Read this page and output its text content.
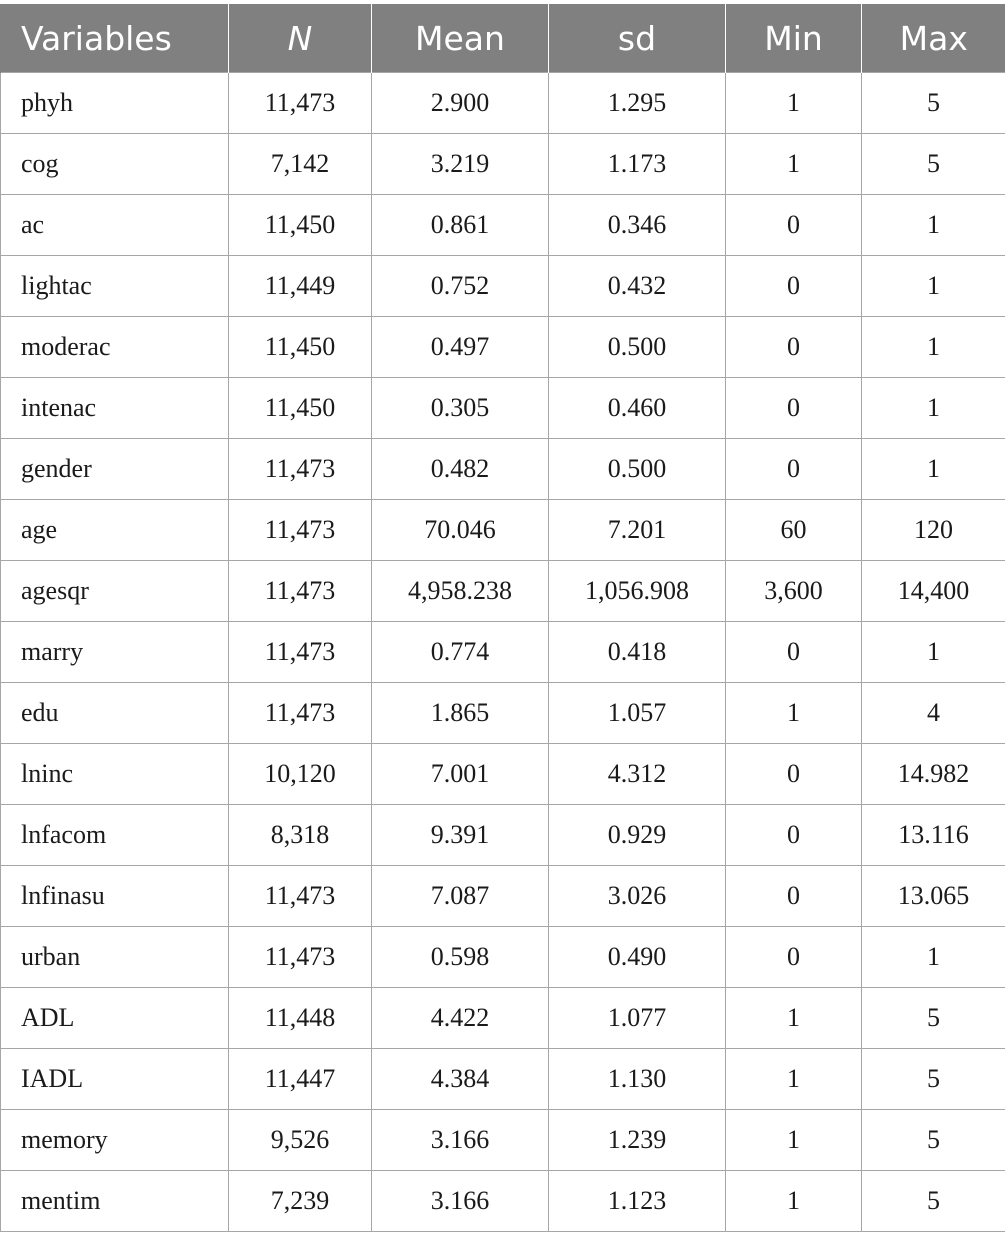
Variables	N	Mean	sd	Min	Max
phyh	11,473	2.900	1.295	1	5
cog	7,142	3.219	1.173	1	5
ac	11,450	0.861	0.346	0	1
lightac	11,449	0.752	0.432	0	1
moderac	11,450	0.497	0.500	0	1
intenac	11,450	0.305	0.460	0	1
gender	11,473	0.482	0.500	0	1
age	11,473	70.046	7.201	60	120
agesqr	11,473	4,958.238	1,056.908	3,600	14,400
marry	11,473	0.774	0.418	0	1
edu	11,473	1.865	1.057	1	4
lninc	10,120	7.001	4.312	0	14.982
lnfacom	8,318	9.391	0.929	0	13.116
lnfinasu	11,473	7.087	3.026	0	13.065
urban	11,473	0.598	0.490	0	1
ADL	11,448	4.422	1.077	1	5
IADL	11,447	4.384	1.130	1	5
memory	9,526	3.166	1.239	1	5
mentim	7,239	3.166	1.123	1	5
